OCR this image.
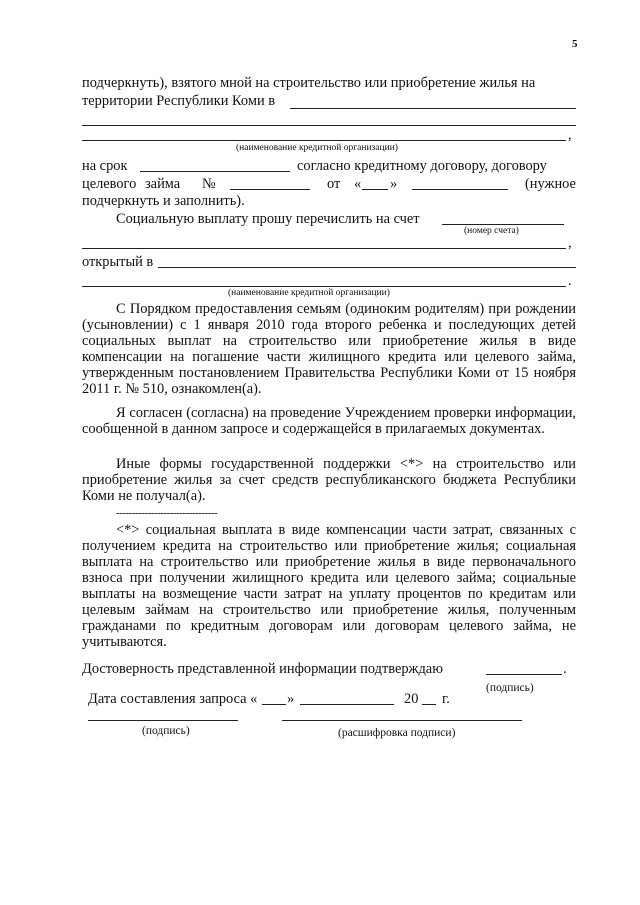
5
подчеркнуть), взятого мной на строительство или приобретение жилья на
территории Республики Коми в
,
(наименование кредитной организации)
на срок	согласно кредитному договору, договору
целевого займа №	от « »	(нужное
подчеркнуть и заполнить).
Социальную выплату прошу перечислить на счет
(номер счета)
,
открытый в
.
(наименование кредитной организации)
С Порядком предоставления семьям (одиноким родителям) при рождении (усыновлении) с 1 января 2010 года второго ребенка и последующих детей социальных выплат на строительство или приобретение жилья в виде компенсации на погашение части жилищного кредита или целевого займа, утвержденным постановлением Правительства Республики Коми от 15 ноября 2011 г. № 510, ознакомлен(а).
Я согласен (согласна) на проведение Учреждением проверки информации, сообщенной в данном запросе и содержащейся в прилагаемых документах.
Иные формы государственной поддержки <*> на строительство или приобретение жилья за счет средств республиканского бюджета Республики Коми не получал(а).
--------------------------------
<*> социальная выплата в виде компенсации части затрат, связанных с получением кредита на строительство или приобретение жилья; социальная выплата на строительство или приобретение жилья в виде первоначального взноса при получении жилищного кредита или целевого займа; социальные выплаты на возмещение части затрат на уплату процентов по кредитам или целевым займам на строительство или приобретение жилья, полученным гражданами по кредитным договорам или договорам целевого займа, не учитываются.
Достоверность представленной информации подтверждаю	.
(подпись)
Дата составления запроса « »	20 г.
(подпись)	(расшифровка подписи)
